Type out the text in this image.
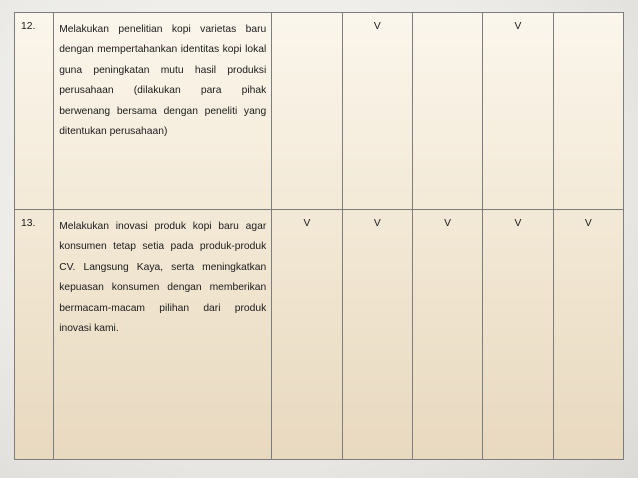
12.	Melakukan penelitian kopi varietas baru dengan mempertahankan identitas kopi lokal guna peningkatan mutu hasil produksi perusahaan (dilakukan para pihak berwenang bersama dengan peneliti yang ditentukan perusahaan)		V		V	
13.	Melakukan inovasi produk kopi baru agar konsumen tetap setia pada produk-produk CV. Langsung Kaya, serta meningkatkan kepuasan konsumen dengan memberikan bermacam-macam pilihan dari produk inovasi kami.	V	V	V	V	V
